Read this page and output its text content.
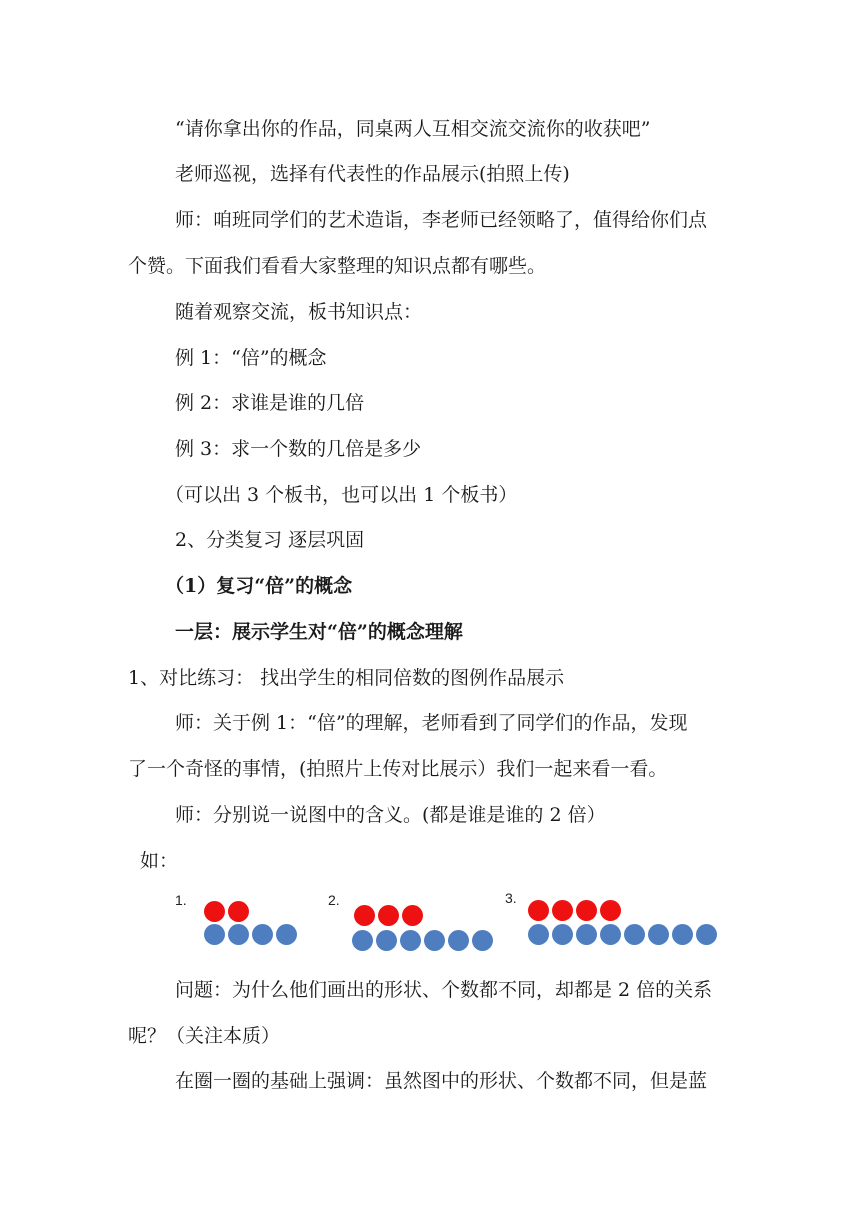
“请你拿出你的作品，同桌两人互相交流交流你的收获吧”
老师巡视，选择有代表性的作品展示(拍照上传)
师：咱班同学们的艺术造诣，李老师已经领略了，值得给你们点
个赞。下面我们看看大家整理的知识点都有哪些。
随着观察交流，板书知识点：
例 1：“倍”的概念
例 2：求谁是谁的几倍
例 3：求一个数的几倍是多少
（可以出 3 个板书，也可以出 1 个板书）
2、分类复习 逐层巩固
（1）复习“倍”的概念
一层：展示学生对“倍”的概念理解
1、对比练习： 找出学生的相同倍数的图例作品展示
师：关于例 1：“倍”的理解，老师看到了同学们的作品，发现
了一个奇怪的事情，(拍照片上传对比展示）我们一起来看一看。
师：分别说一说图中的含义。(都是谁是谁的 2 倍）
如：
1.	2.	3.
问题：为什么他们画出的形状、个数都不同，却都是 2 倍的关系
呢？（关注本质）
在圈一圈的基础上强调：虽然图中的形状、个数都不同，但是蓝
